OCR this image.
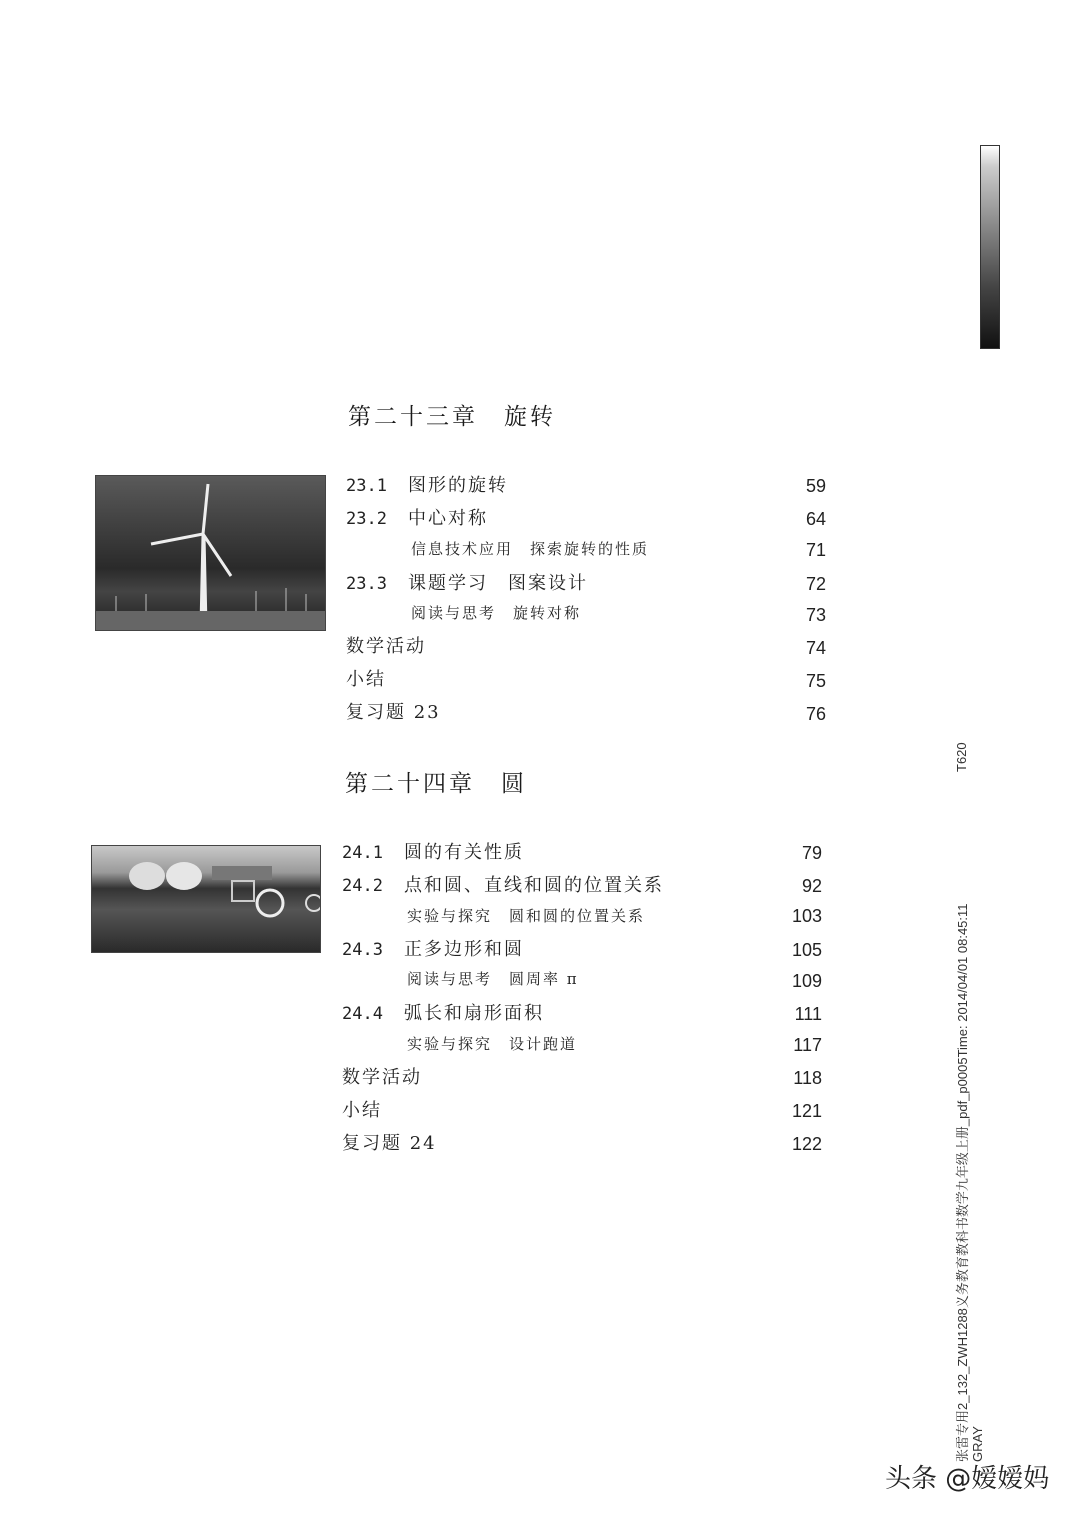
第二十三章　旋转
23.1 图形的旋转	59
23.2 中心对称	64
信息技术应用　探索旋转的性质	71
23.3 课题学习　图案设计	72
阅读与思考　旋转对称	73
数学活动	74
小结	75
复习题 23	76
第二十四章　圆
24.1 圆的有关性质	79
24.2 点和圆、直线和圆的位置关系	92
实验与探究　圆和圆的位置关系	103
24.3 正多边形和圆	105
阅读与思考　圆周率 π	109
24.4 弧长和扇形面积	111
实验与探究　设计跑道	117
数学活动	118
小结	121
复习题 24	122	张雷专用2_132_ZWH1288义务教育教科书数学九年级上册_pdf_p0005Time: 2014/04/01 08:45:11 GRAY
T620
头条 @嫒嫒妈
